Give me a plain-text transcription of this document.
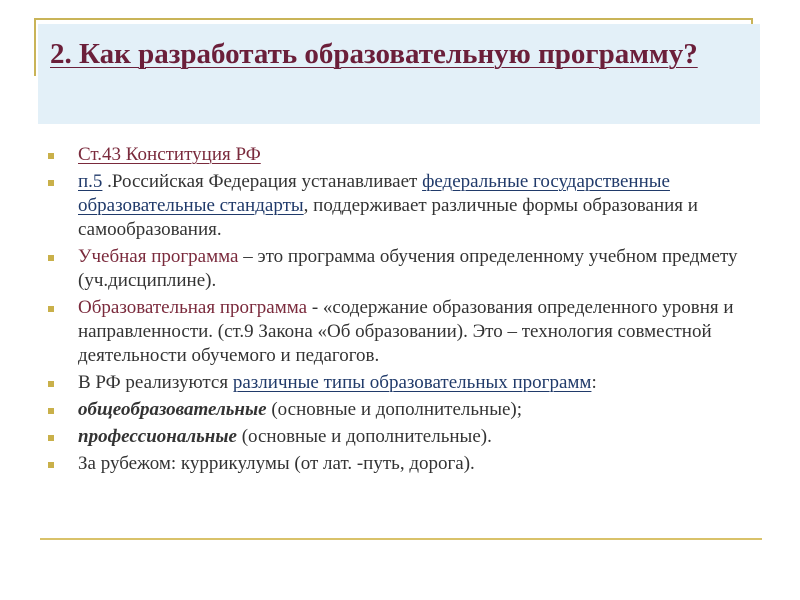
2. Как разработать образовательную программу?
Ст.43 Конституция РФ
п.5 .Российская Федерация устанавливает федеральные государственные образовательные стандарты, поддерживает различные формы образования и самообразования.
Учебная программа – это программа обучения определенному учебном предмету (уч.дисциплине).
Образовательная программа - «содержание образования определенного уровня и направленности. (ст.9 Закона «Об образовании). Это – технология совместной деятельности обучемого и педагогов.
В РФ реализуются различные типы образовательных программ:
общеобразовательные (основные и дополнительные);
профессиональные (основные и дополнительные).
За рубежом: куррикулумы (от лат. -путь, дорога).
